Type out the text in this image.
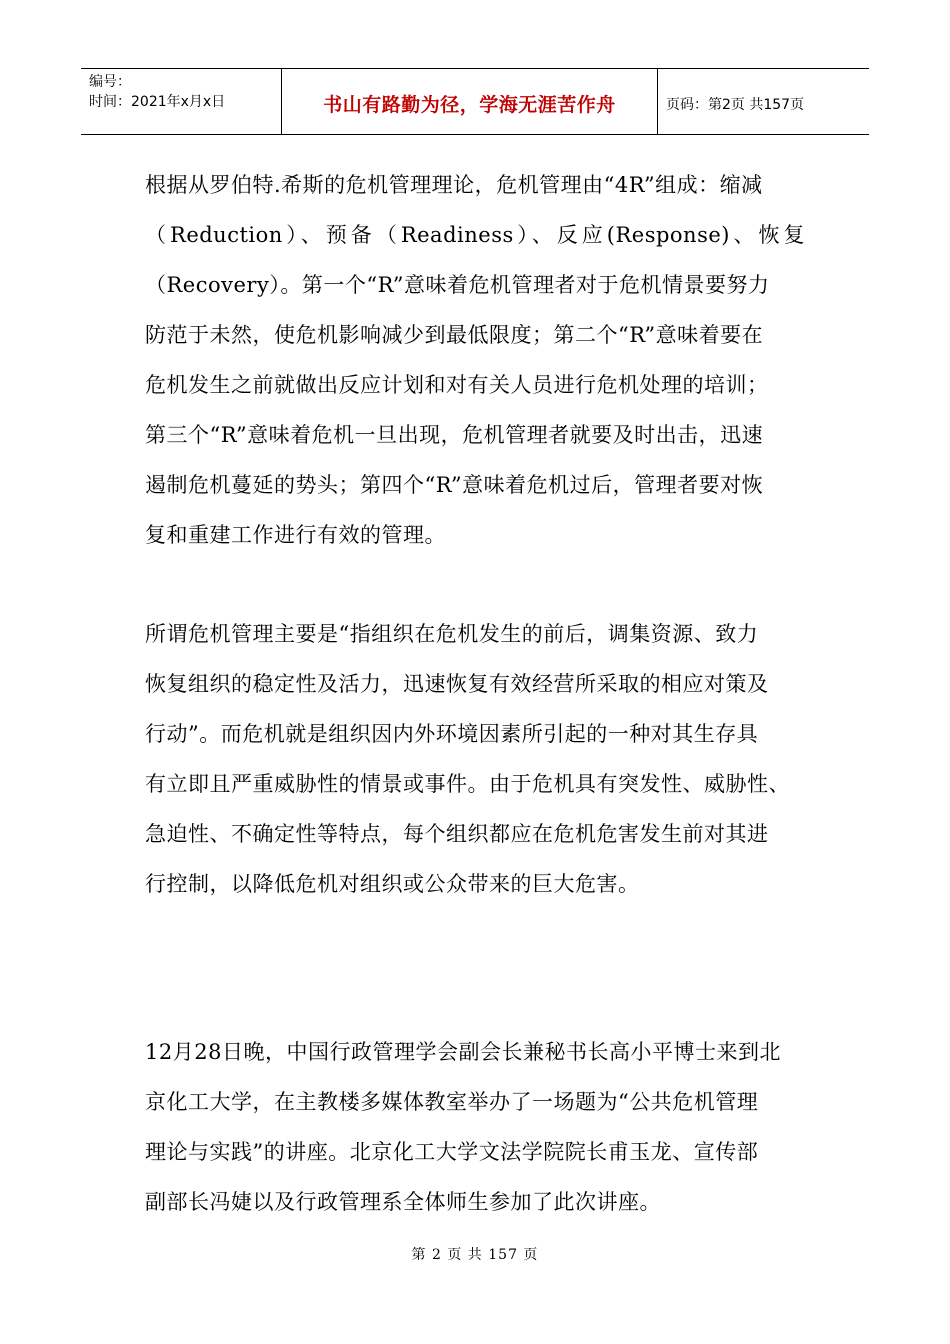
编号：
时间：2021年x月x日	书山有路勤为径，学海无涯苦作舟	页码：第2页 共157页
根据从罗伯特.希斯的危机管理理论，危机管理由“4R”组成：缩减
（Reduction）、预备（Readiness）、反应(Response)、恢复
（Recovery）。第一个“R”意味着危机管理者对于危机情景要努力
防范于未然，使危机影响减少到最低限度；第二个“R”意味着要在
危机发生之前就做出反应计划和对有关人员进行危机处理的培训；
第三个“R”意味着危机一旦出现，危机管理者就要及时出击，迅速
遏制危机蔓延的势头；第四个“R”意味着危机过后，管理者要对恢
复和重建工作进行有效的管理。
所谓危机管理主要是“指组织在危机发生的前后，调集资源、致力
恢复组织的稳定性及活力，迅速恢复有效经营所采取的相应对策及
行动”。而危机就是组织因内外环境因素所引起的一种对其生存具
有立即且严重威胁性的情景或事件。由于危机具有突发性、威胁性、
急迫性、不确定性等特点，每个组织都应在危机危害发生前对其进
行控制，以降低危机对组织或公众带来的巨大危害。
12月28日晚，中国行政管理学会副会长兼秘书长高小平博士来到北
京化工大学，在主教楼多媒体教室举办了一场题为“公共危机管理
理论与实践”的讲座。北京化工大学文法学院院长甫玉龙、宣传部
副部长冯婕以及行政管理系全体师生参加了此次讲座。
第 2 页 共 157 页
